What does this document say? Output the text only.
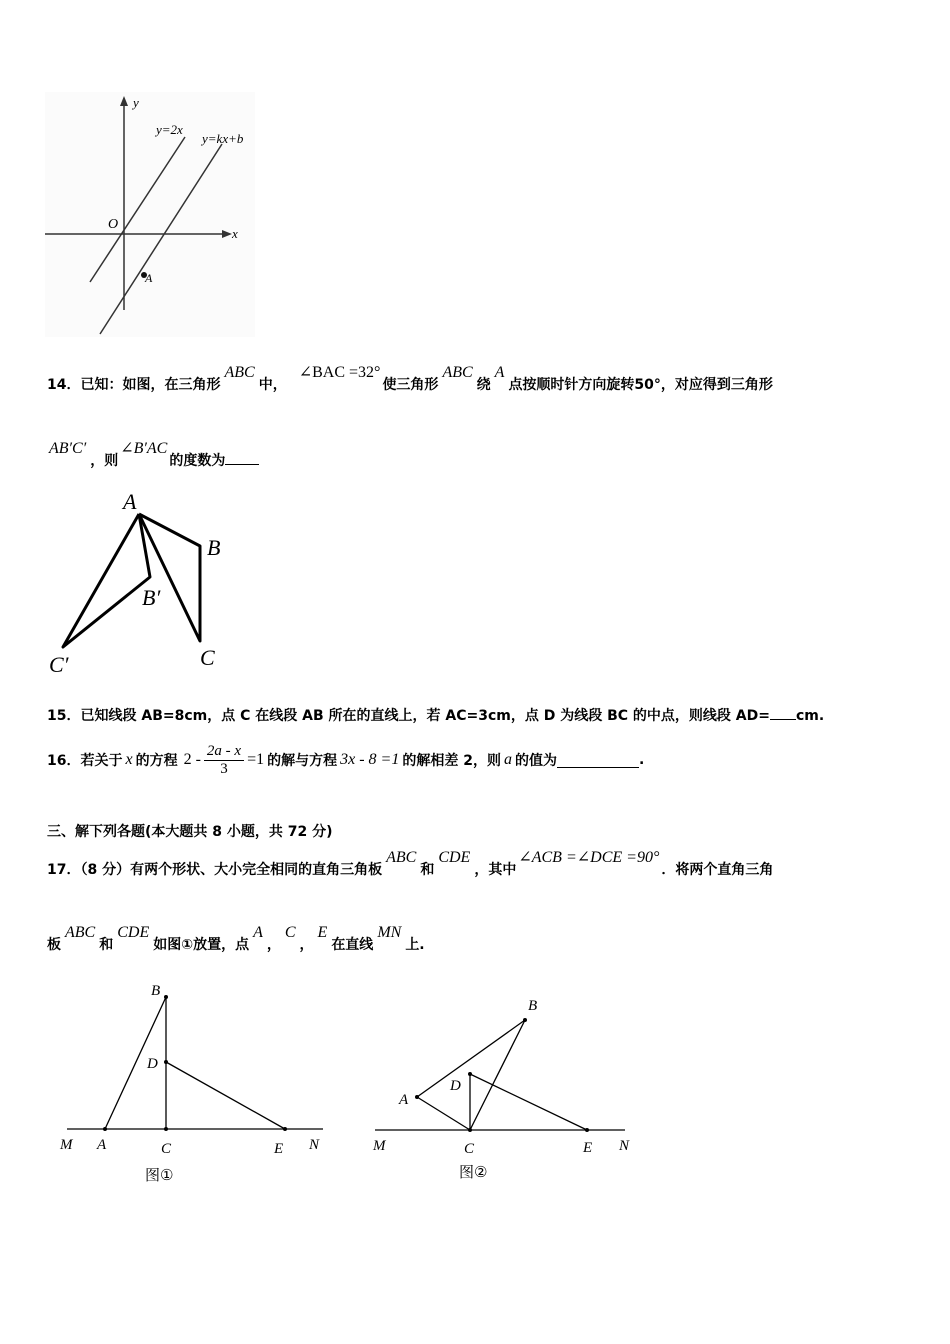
y
x
O
y=2x
y=kx+b
A
14．已知：如图，在三角形ABC中，∠BAC =32°使三角形ABC绕A点按顺时针方向旋转50°，对应得到三角形
AB′C′，则∠B′AC的度数为
A
B
B′
C
C′
15．已知线段 AB=8cm，点 C 在线段 AB 所在的直线上，若 AC=3cm，点 D 为线段 BC 的中点，则线段 AD= cm.
16．若关于 x 的方程 $2 - \frac{2a - x}{3} =1$ 的解与方程 3x - 8 =1 的解相差 2，则 a 的值为	.
三、解下列各题(本大题共 8 小题，共 72 分)
17．（8 分）有两个形状、大小完全相同的直角三角板ABC和CDE，其中∠ACB =∠DCE =90°．将两个直角三角
板ABC和CDE如图①放置，点A，C，E在直线MN上.
B
D
M A	C	E N
图①
B
D
A
M	C	E N
图②
